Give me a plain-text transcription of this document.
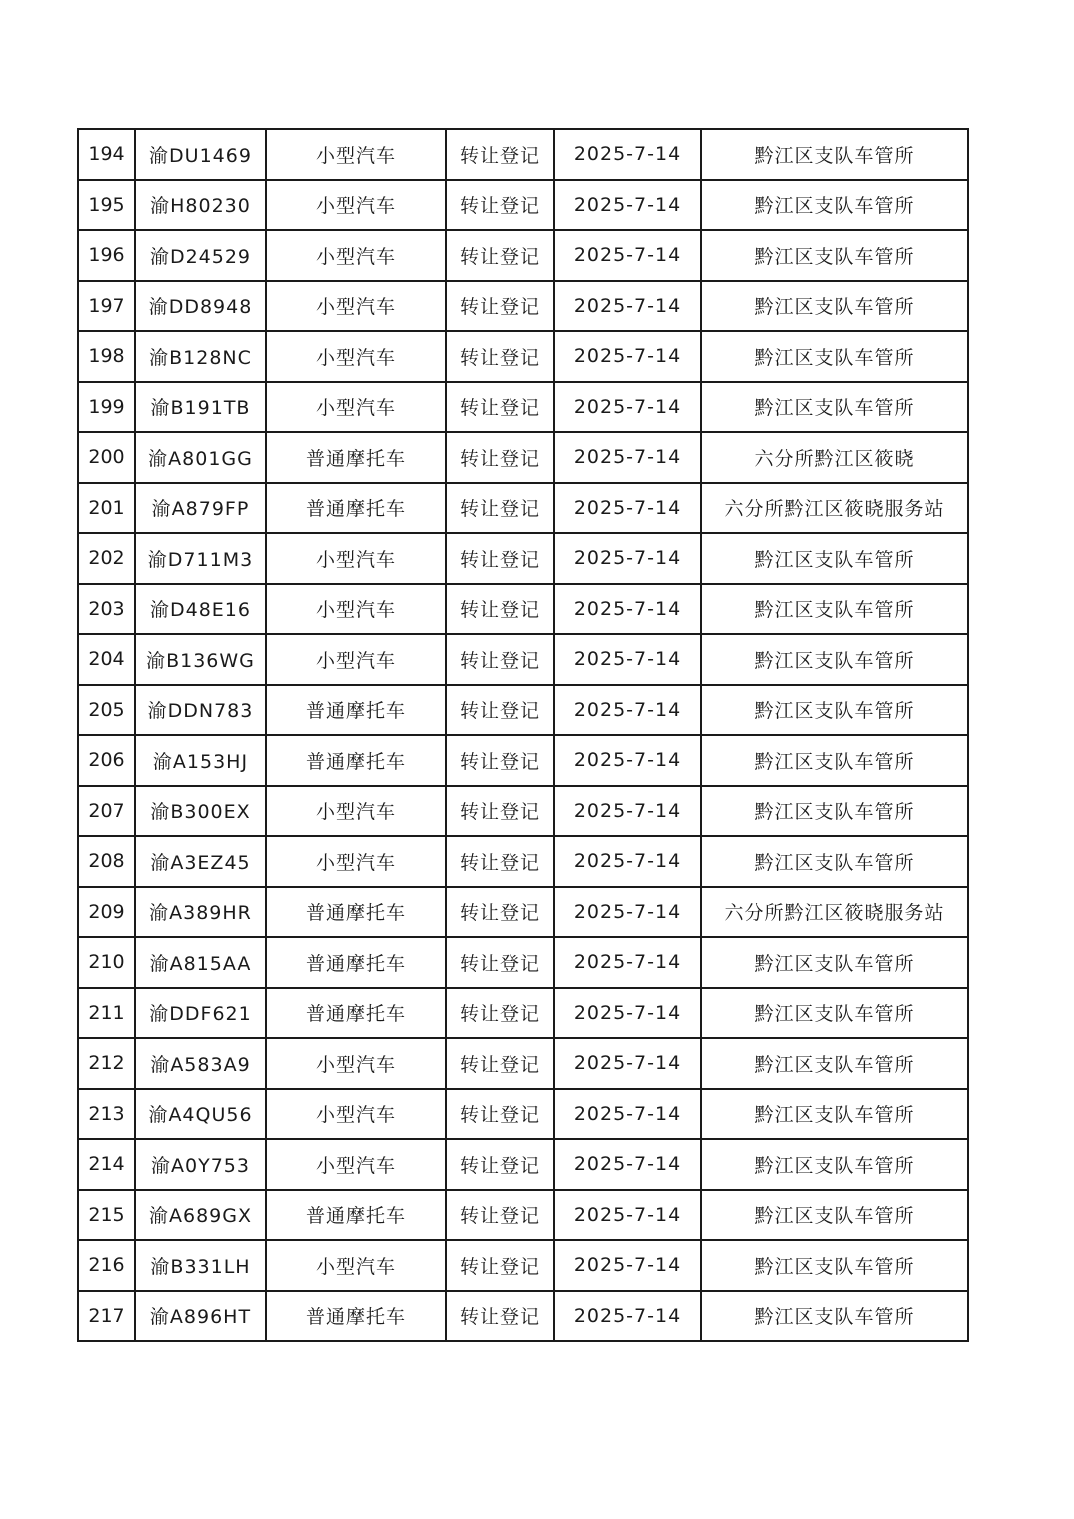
194	渝DU1469	小型汽车	转让登记	2025-7-14	黔江区支队车管所
195	渝H80230	小型汽车	转让登记	2025-7-14	黔江区支队车管所
196	渝D24529	小型汽车	转让登记	2025-7-14	黔江区支队车管所
197	渝DD8948	小型汽车	转让登记	2025-7-14	黔江区支队车管所
198	渝B128NC	小型汽车	转让登记	2025-7-14	黔江区支队车管所
199	渝B191TB	小型汽车	转让登记	2025-7-14	黔江区支队车管所
200	渝A801GG	普通摩托车	转让登记	2025-7-14	六分所黔江区筱晓
201	渝A879FP	普通摩托车	转让登记	2025-7-14	六分所黔江区筱晓服务站
202	渝D711M3	小型汽车	转让登记	2025-7-14	黔江区支队车管所
203	渝D48E16	小型汽车	转让登记	2025-7-14	黔江区支队车管所
204	渝B136WG	小型汽车	转让登记	2025-7-14	黔江区支队车管所
205	渝DDN783	普通摩托车	转让登记	2025-7-14	黔江区支队车管所
206	渝A153HJ	普通摩托车	转让登记	2025-7-14	黔江区支队车管所
207	渝B300EX	小型汽车	转让登记	2025-7-14	黔江区支队车管所
208	渝A3EZ45	小型汽车	转让登记	2025-7-14	黔江区支队车管所
209	渝A389HR	普通摩托车	转让登记	2025-7-14	六分所黔江区筱晓服务站
210	渝A815AA	普通摩托车	转让登记	2025-7-14	黔江区支队车管所
211	渝DDF621	普通摩托车	转让登记	2025-7-14	黔江区支队车管所
212	渝A583A9	小型汽车	转让登记	2025-7-14	黔江区支队车管所
213	渝A4QU56	小型汽车	转让登记	2025-7-14	黔江区支队车管所
214	渝A0Y753	小型汽车	转让登记	2025-7-14	黔江区支队车管所
215	渝A689GX	普通摩托车	转让登记	2025-7-14	黔江区支队车管所
216	渝B331LH	小型汽车	转让登记	2025-7-14	黔江区支队车管所
217	渝A896HT	普通摩托车	转让登记	2025-7-14	黔江区支队车管所
